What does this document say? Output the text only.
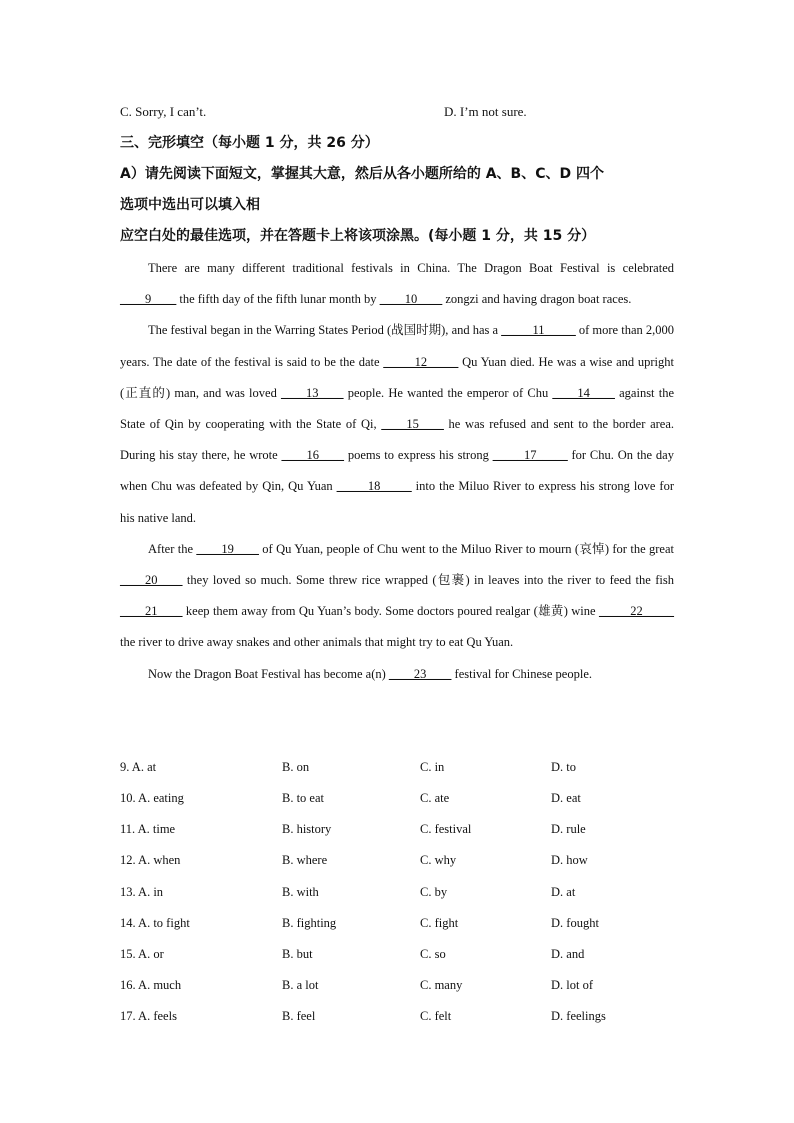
C. Sorry, I can’t.	D. I’m not sure.
三、完形填空（每小题 1 分，共 26 分）
A）请先阅读下面短文，掌握其大意，然后从各小题所给的 A、B、C、D 四个
选项中选出可以填入相
应空白处的最佳选项，并在答题卡上将该项涂黑。(每小题 1 分，共 15 分）

There are many different traditional festivals in China. The Dragon Boat Festival is celebrated ____9____ the fifth day of the fifth lunar month by ____10____ zongzi and having dragon boat races.

The festival began in the Warring States Period (战国时期), and has a _____11_____ of more than 2,000 years. The date of the festival is said to be the date _____12_____ Qu Yuan died. He was a wise and upright (正直的) man, and was loved ____13____ people. He wanted the emperor of Chu ____14____ against the State of Qin by cooperating with the State of Qi, ____15____ he was refused and sent to the border area. During his stay there, he wrote ____16____ poems to express his strong _____17_____ for Chu. On the day when Chu was defeated by Qin, Qu Yuan _____18_____ into the Miluo River to express his strong love for his native land.

After the ____19____ of Qu Yuan, people of Chu went to the Miluo River to mourn (哀悼) for the great ____20____ they loved so much. Some threw rice wrapped (包裹) in leaves into the river to feed the fish ____21____ keep them away from Qu Yuan’s body. Some doctors poured realgar (雄黄) wine _____22_____ the river to drive away snakes and other animals that might try to eat Qu Yuan.

Now the Dragon Boat Festival has become a(n) ____23____ festival for Chinese people.

9. A. at	B. on	C. in	D. to
10. A. eating	B. to eat	C. ate	D. eat
11. A. time	B. history	C. festival	D. rule
12. A. when	B. where	C. why	D. how
13. A. in	B. with	C. by	D. at
14. A. to fight	B. fighting	C. fight	D. fought
15. A. or	B. but	C. so	D. and
16. A. much	B. a lot	C. many	D. lot of
17. A. feels	B. feel	C. felt	D. feelings
